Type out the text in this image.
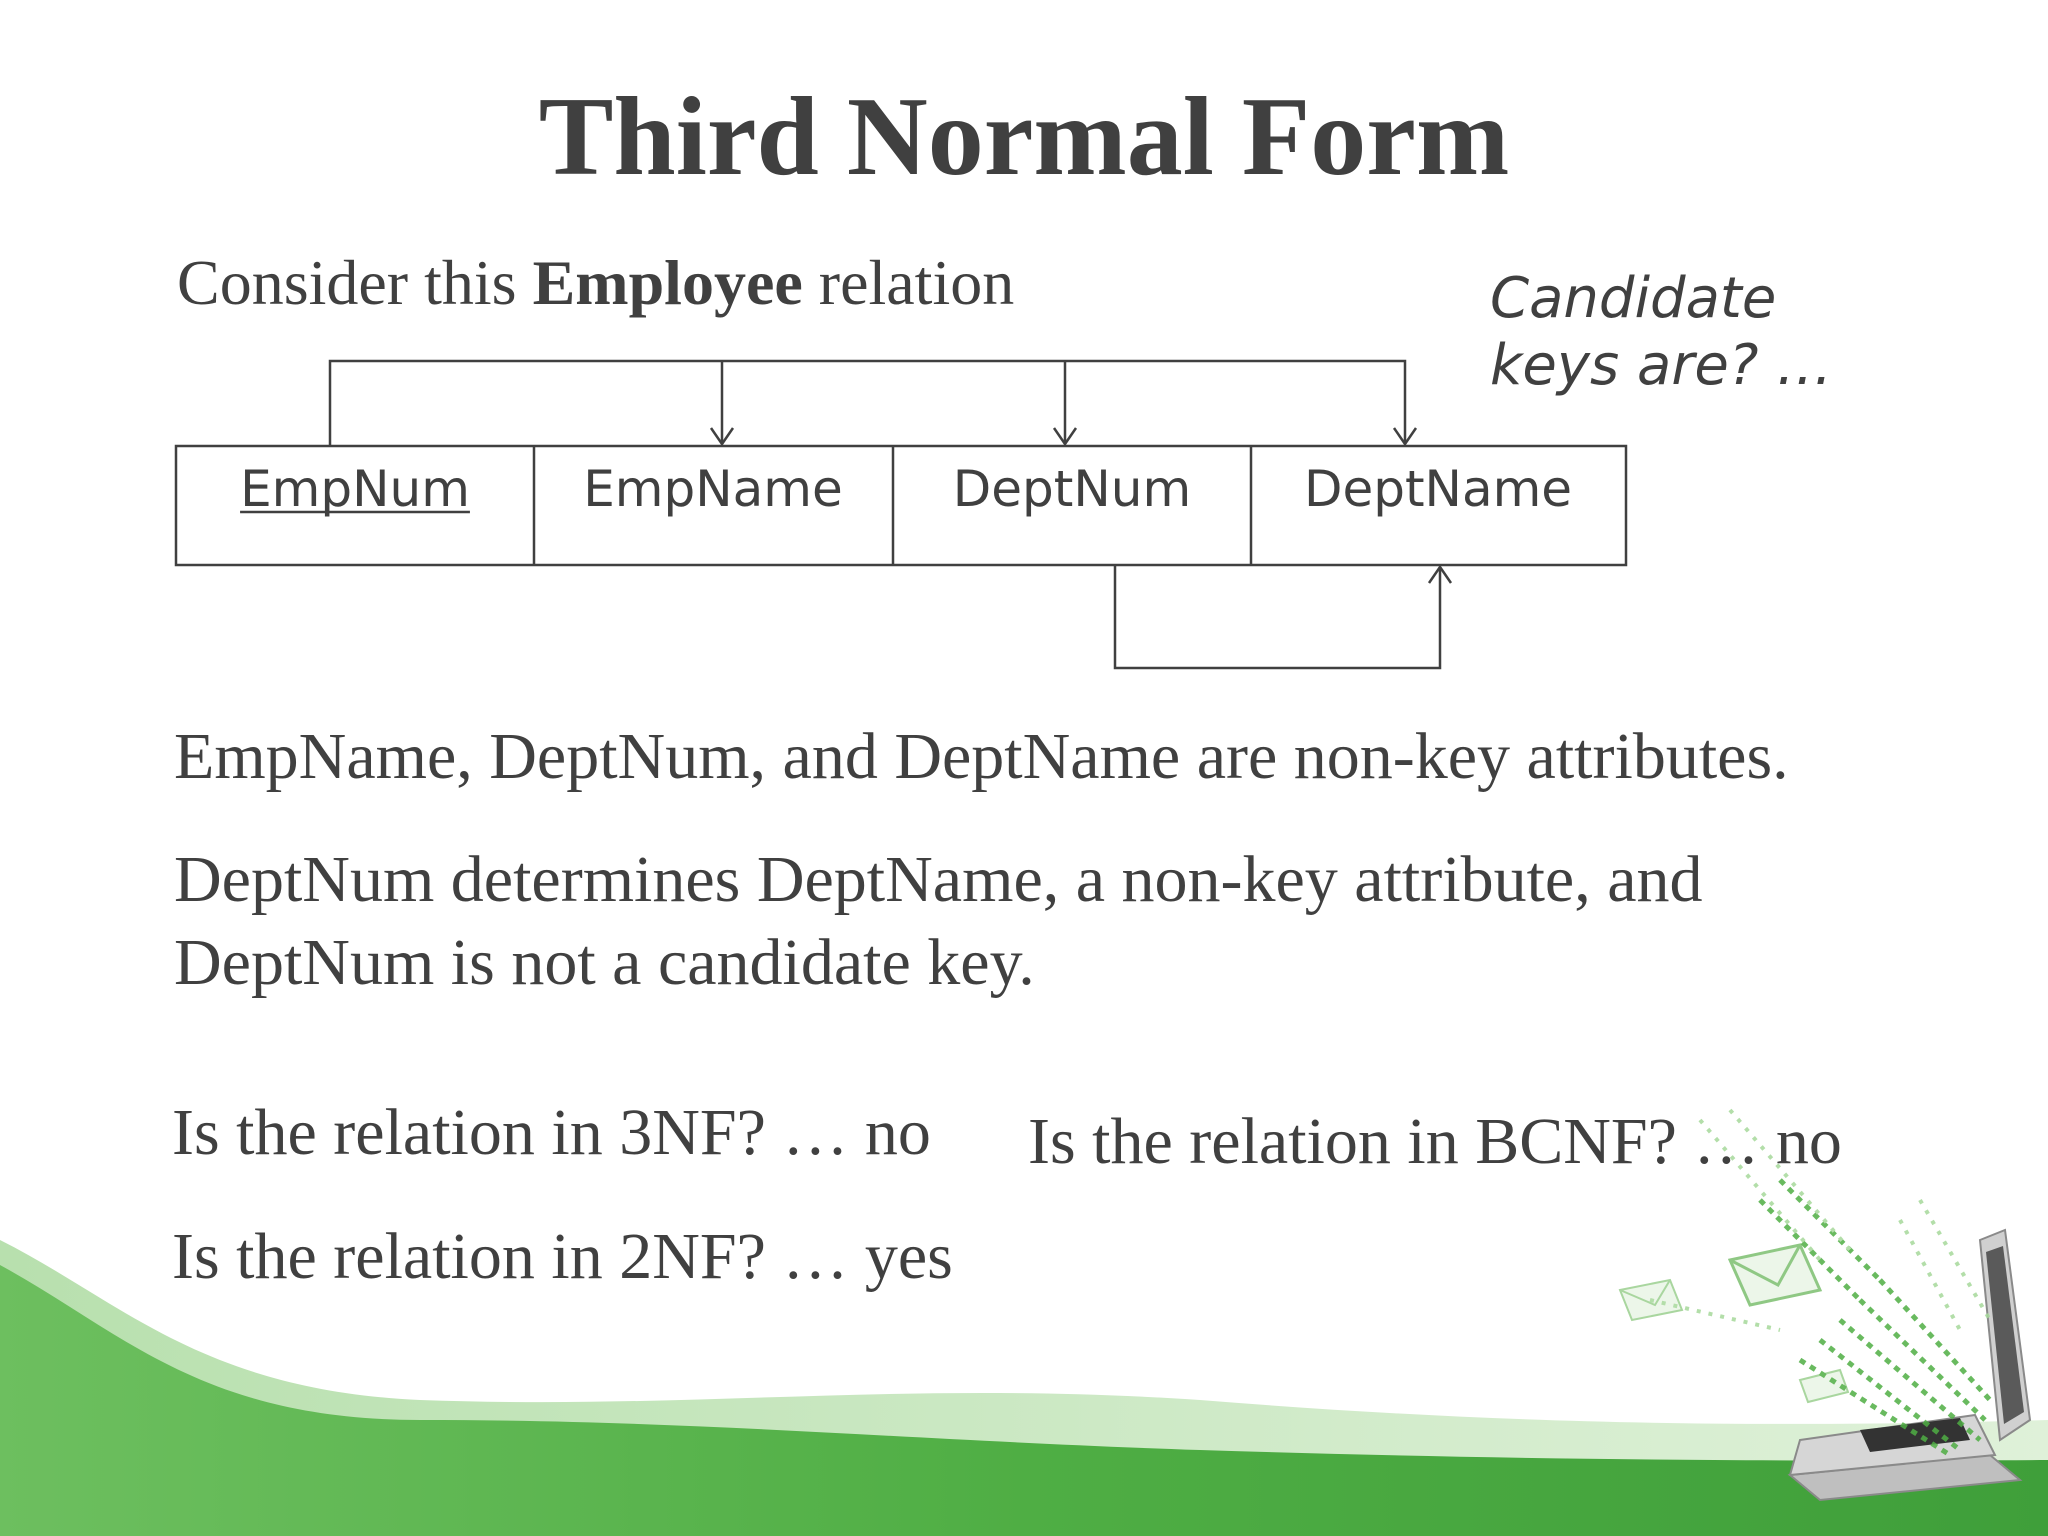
EmpNum EmpName DeptNum DeptName
Third Normal Form
Consider this Employee relation	Candidate
keys are? …
EmpName, DeptNum, and DeptName are non-key attributes.
DeptNum determines DeptName, a non-key attribute, and
DeptNum is not a candidate key.
Is the relation in 3NF? … no Is the relation in BCNF? … no
Is the relation in 2NF? … yes
